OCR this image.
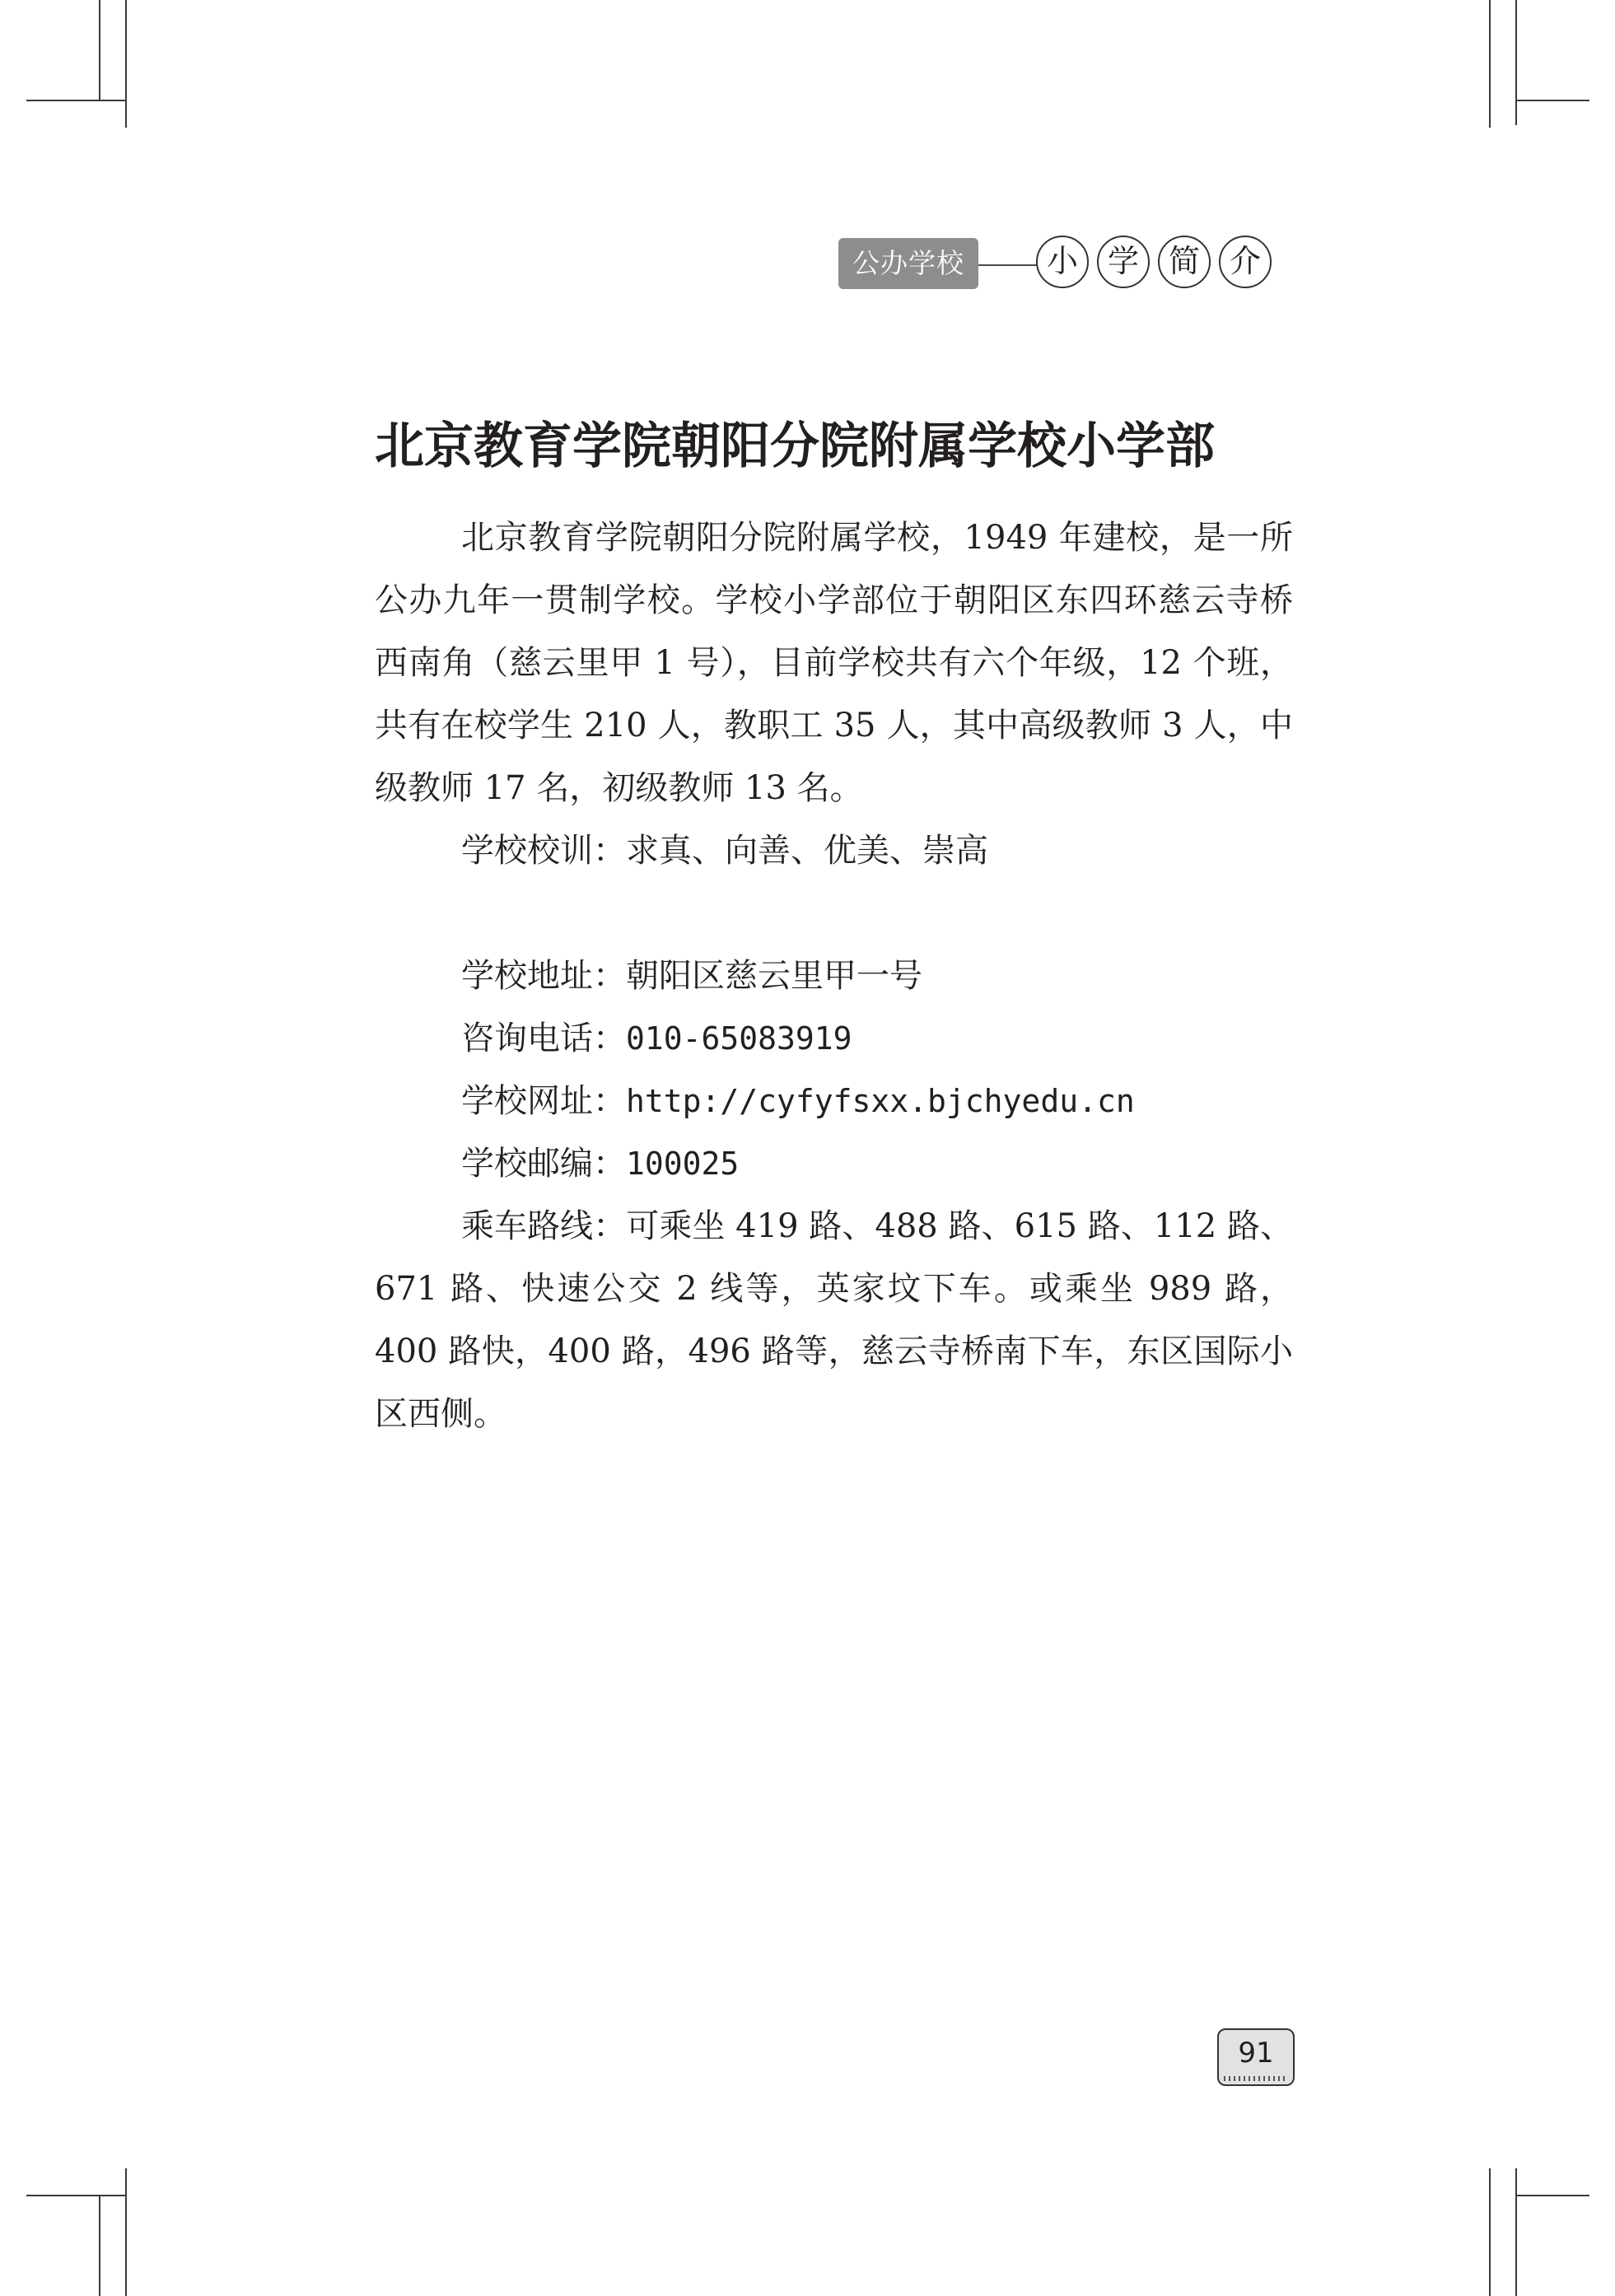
公办学校	小 学 简 介
北京教育学院朝阳分院附属学校小学部

北京教育学院朝阳分院附属学校，1949 年建校，是一所公办九年一贯制学校。学校小学部位于朝阳区东四环慈云寺桥西南角（慈云里甲 1 号），目前学校共有六个年级，12 个班，共有在校学生 210 人，教职工 35 人，其中高级教师 3 人，中级教师 17 名，初级教师 13 名。

学校校训：求真、向善、优美、崇高

学校地址：朝阳区慈云里甲一号

咨询电话：010-65083919

学校网址：http://cyfyfsxx.bjchyedu.cn

学校邮编：100025

乘车路线：可乘坐 419 路、488 路、615 路、112 路、671 路、快速公交 2 线等，英家坟下车。或乘坐 989 路，400 路快，400 路，496 路等，慈云寺桥南下车，东区国际小区西侧。

91
